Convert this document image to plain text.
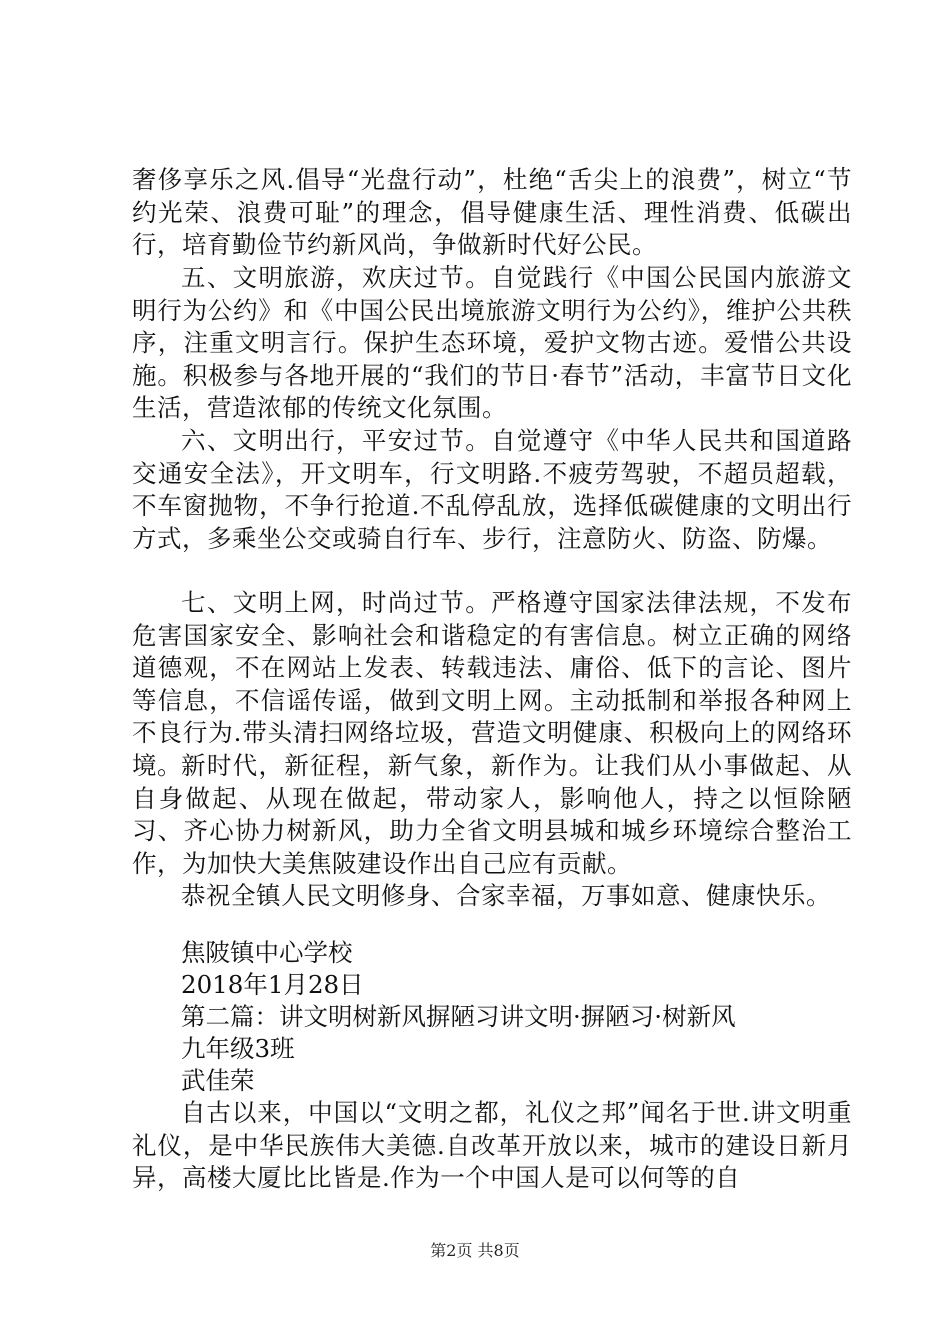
奢侈享乐之风.倡导“光盘行动”，杜绝“舌尖上的浪费”，树立“节约光荣、浪费可耻”的理念，倡导健康生活、理性消费、低碳出行，培育勤俭节约新风尚，争做新时代好公民。

五、文明旅游，欢庆过节。自觉践行《中国公民国内旅游文明行为公约》和《中国公民出境旅游文明行为公约》，维护公共秩序，注重文明言行。保护生态环境，爱护文物古迹。爱惜公共设施。积极参与各地开展的“我们的节日·春节”活动，丰富节日文化生活，营造浓郁的传统文化氛围。

六、文明出行，平安过节。自觉遵守《中华人民共和国道路交通安全法》，开文明车，行文明路.不疲劳驾驶，不超员超载，不车窗抛物，不争行抢道.不乱停乱放，选择低碳健康的文明出行方式，多乘坐公交或骑自行车、步行，注意防火、防盗、防爆。

七、文明上网，时尚过节。严格遵守国家法律法规，不发布危害国家安全、影响社会和谐稳定的有害信息。树立正确的网络道德观，不在网站上发表、转载违法、庸俗、低下的言论、图片等信息，不信谣传谣，做到文明上网。主动抵制和举报各种网上不良行为.带头清扫网络垃圾，营造文明健康、积极向上的网络环境。 新时代，新征程，新气象，新作为。让我们从小事做起、从自身做起、从现在做起，带动家人，影响他人，持之以恒除陋习、齐心协力树新风，助力全省文明县城和城乡环境综合整治工作，为加快大美焦陂建设作出自己应有贡献。

恭祝全镇人民文明修身、合家幸福，万事如意、健康快乐。

焦陂镇中心学校
2018年1月28日
第二篇：讲文明树新风摒陋习讲文明·摒陋习·树新风
九年级3班
武佳荣

自古以来，中国以“文明之都，礼仪之邦”闻名于世.讲文明重礼仪，是中华民族伟大美德.自改革开放以来，城市的建设日新月异，高楼大厦比比皆是.作为一个中国人是可以何等的自

第2页 共8页
